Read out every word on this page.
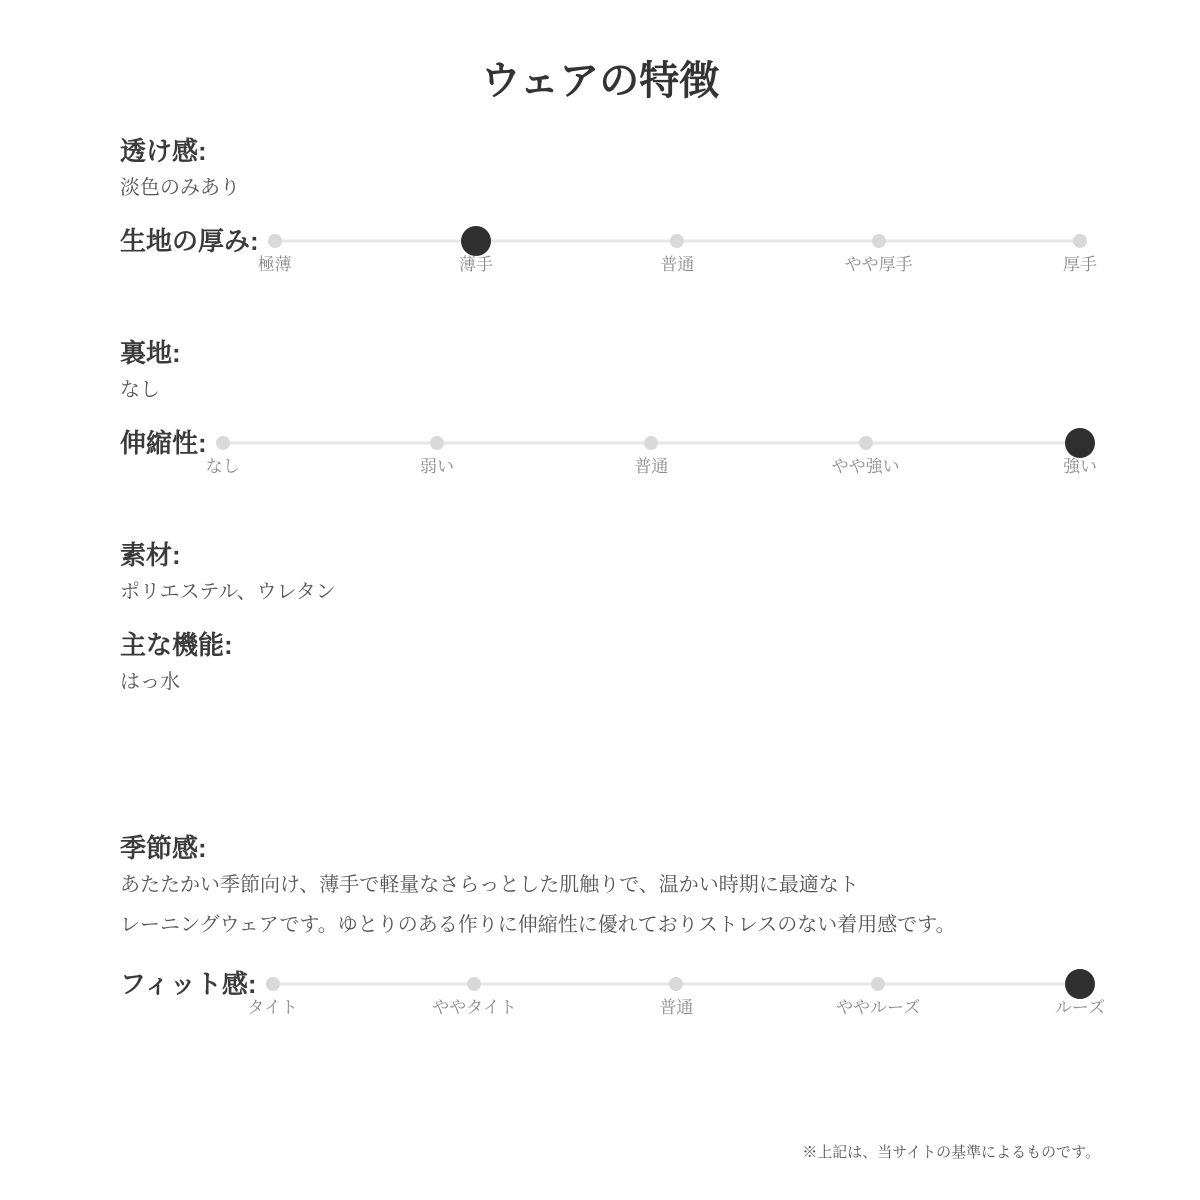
ウェアの特徴
透け感:

淡色のみあり

生地の厚み:
極薄	薄手	普通	やや厚手	厚手
裏地:

なし

伸縮性:
なし	弱い	普通	やや強い	強い
素材:

ポリエステル、ウレタン

主な機能:

はっ水

季節感:

あたたかい季節向け、薄手で軽量なさらっとした肌触りで、温かい時期に最適なト

レーニングウェアです。ゆとりのある作りに伸縮性に優れておりストレスのない着用感です。

フィット感:
タイト	ややタイト	普通	ややルーズ	ルーズ

※上記は、当サイトの基準によるものです。
